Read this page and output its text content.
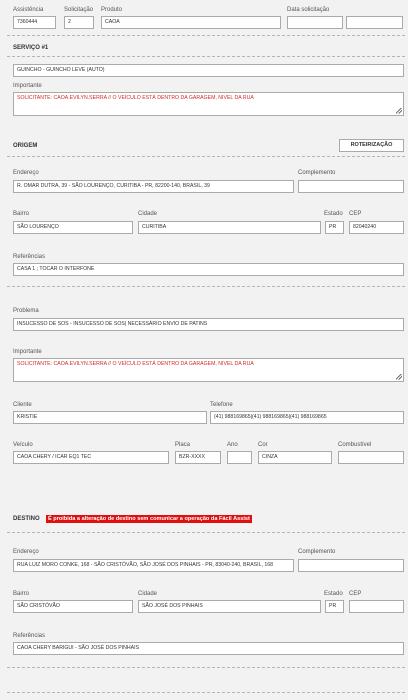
Assistência
7360444
Solicitação
2
Produto
CAOA
Data solicitação
SERVIÇO #1
GUINCHO - GUINCHO LEVE (AUTO)
Importante
SOLICITANTE: CAOA.EVILYN.SERRA // O VEÍCULO ESTÁ DENTRO DA GARAGEM, NIVEL DA RUA
ORIGEM	ROTEIRIZAÇÃO
Endereço
R. OMAR DUTRA, 39 - SÃO LOURENÇO, CURITIBA - PR, 82200-140, BRASIL, 39
Complemento
Bairro
SÃO LOURENÇO
Cidade
CURITIBA
Estado
PR
CEP
82040240
Referências
CASA 1 ; TOCAR O INTERFONE
Problema
INSUCESSO DE SOS - INSUCESSO DE SOS| NECESSÁRIO ENVIO DE PATINS
Importante
SOLICITANTE: CAOA.EVILYN.SERRA // O VEÍCULO ESTÁ DENTRO DA GARAGEM, NIVEL DA RUA
Cliente
KRISTIE
Telefone
(41) 988169865|(41) 988169865|(41) 988169865
Veículo
CAOA CHERY / ICAR EQ1 TEC
Placa
BZR-XXXX
Ano	Cor
CINZA
Combustível
DESTINO	É proibida a alteração de destino sem comunicar a operação da Fácil Assist
Endereço
RUA LUIZ MORO CONKE, 168 - SÃO CRISTÓVÃO, SÃO JOSÉ DOS PINHAIS - PR, 83040-240, BRASIL, 168
Complemento
Bairro
SÃO CRISTÓVÃO
Cidade
SÃO JOSÉ DOS PINHAIS
Estado
PR
CEP
Referências
CAOA CHERY BARIGUI - SÃO JOSÉ DOS PINHAIS
